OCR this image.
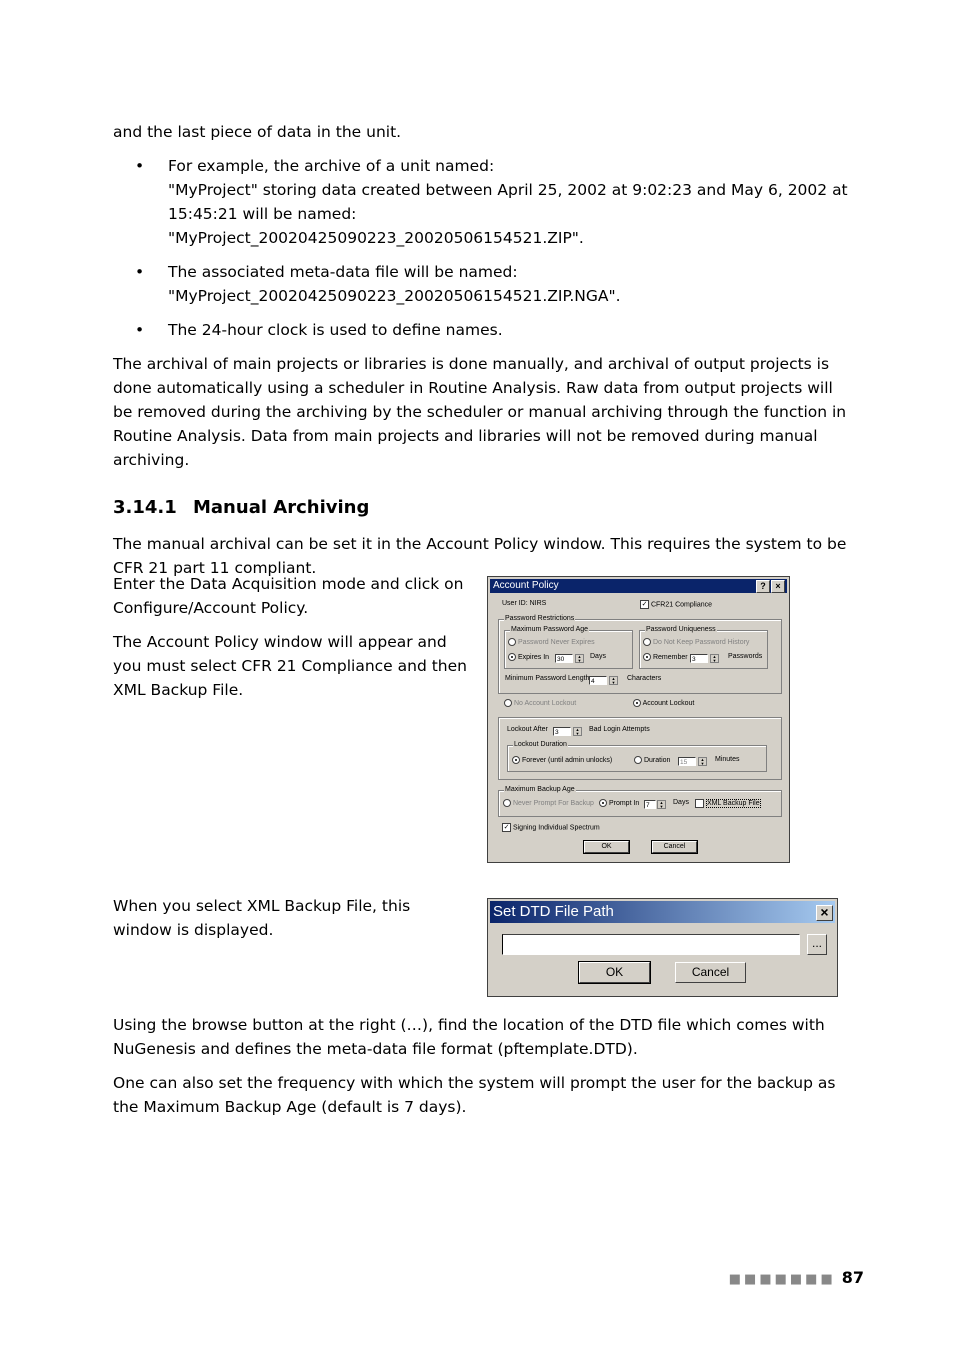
and the last piece of data in the unit.

• For example, the archive of a unit named:
"MyProject" storing data created between April 25, 2002 at 9:02:23 and May 6, 2002 at 15:45:21 will be named:
"MyProject_20020425090223_20020506154521.ZIP".
• The associated meta-data file will be named:
"MyProject_20020425090223_20020506154521.ZIP.NGA".
• The 24-hour clock is used to define names.

The archival of main projects or libraries is done manually, and archival of output projects is done automatically using a scheduler in Routine Analysis. Raw data from output projects will be removed during the archiving by the scheduler or manual archiving through the function in Routine Analysis. Data from main projects and libraries will not be removed during manual archiving.

3.14.1 Manual Archiving

The manual archival can be set it in the Account Policy window. This requires the system to be CFR 21 part 11 compliant.

Enter the Data Acquisition mode and click on Configure/Account Policy.

The Account Policy window will appear and you must select CFR 21 Compliance and then XML Backup File.

Account Policy	?	×
User ID: NIRS	✓ CFR21 Compliance
Password Restrictions
Maximum Password Age
Password Never Expires
Expires In	30	▲
▼
Days
Password Uniqueness
Do Not Keep Password History
Remember 3	▲
▼
Passwords
Minimum Password Length 4	▲
▼
Characters
No Account Lockout	Account Lockout
Lockout After	3	▲
▼
Bad Login Attempts
Lockout Duration
Forever (until admin unlocks)	Duration	15	▲
▼
Minutes
Maximum Backup Age
Never Prompt For Backup	Prompt In	7	▲
▼
Days	XML Backup File
✓ Signing Individual Spectrum
OK	Cancel

When you select XML Backup File, this window is displayed.

Set DTD File Path	×
...
OK	Cancel

Using the browse button at the right (…), find the location of the DTD file which comes with NuGenesis and defines the meta-data file format (pftemplate.DTD).

One can also set the frequency with which the system will prompt the user for the backup as the Maximum Backup Age (default is 7 days).

■■■■■■■ 87
